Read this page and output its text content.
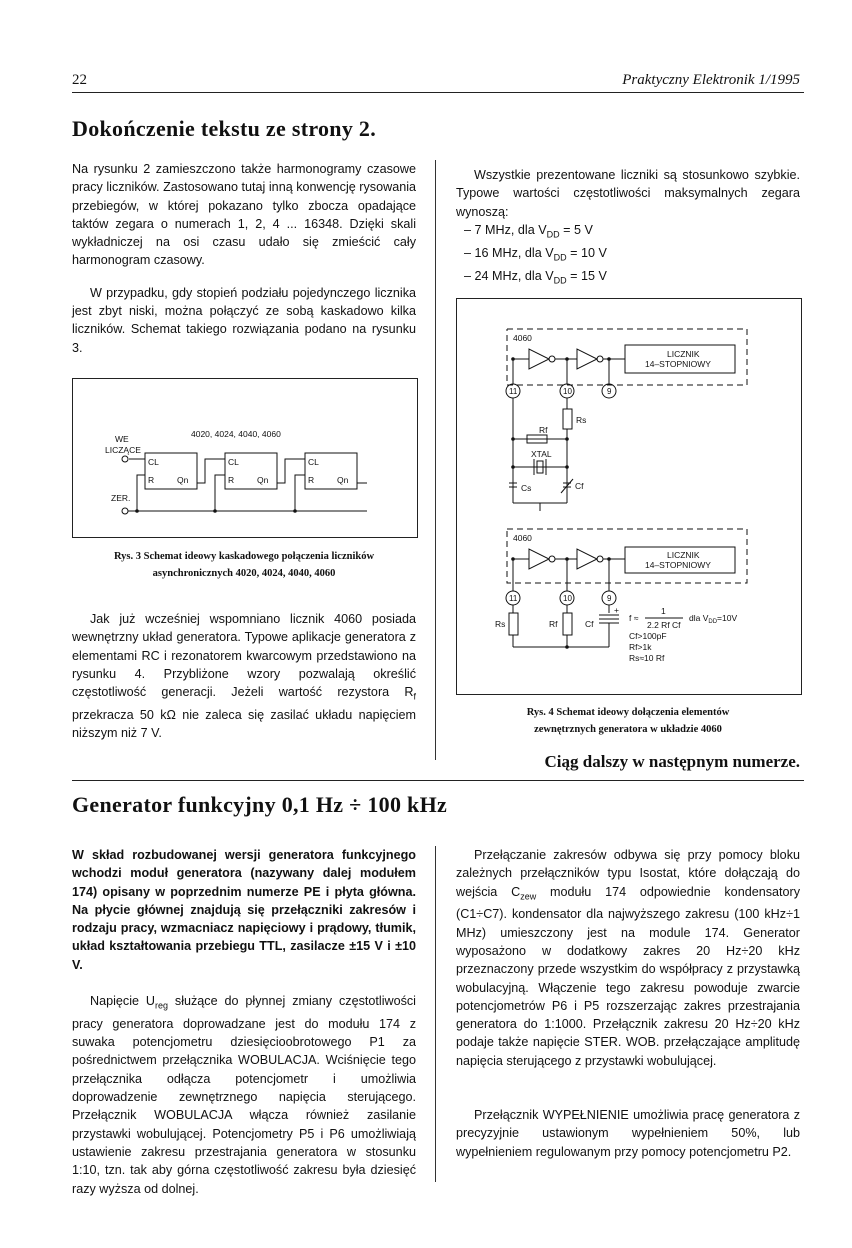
22	Praktyczny Elektronik 1/1995
Dokończenie tekstu ze strony 2.

Na rysunku 2 zamieszczono także harmonogramy czasowe pracy liczników. Zastosowano tutaj inną konwencję rysowania przebiegów, w której pokazano tylko zbocza opadające taktów zegara o numerach 1, 2, 4 ... 16348. Dzięki skali wykładniczej na osi czasu udało się zmieścić cały harmonogram czasowy.

W przypadku, gdy stopień podziału pojedynczego licznika jest zbyt niski, można połączyć ze sobą kaskadowo kilka liczników. Schemat takiego rozwiązania podano na rysunku 3.

4020, 4024, 4040, 4060
WE
LICZĄCE
ZER.
CL
R	Qn
CL
R	Qn
CL
R	Qn
Rys. 3 Schemat ideowy kaskadowego połączenia liczników
asynchronicznych 4020, 4024, 4040, 4060

Jak już wcześniej wspomniano licznik 4060 posiada wewnętrzny układ generatora. Typowe aplikacje generatora z elementami RC i rezonatorem kwarcowym przedstawiono na rysunku 4. Przybliżone wzory pozwalają określić częstotliwość generacji. Jeżeli wartość rezystora $R_f$ przekracza 50 kΩ nie zaleca się zasilać układu napięciem niższym niż 7 V.

Wszystkie prezentowane liczniki są stosunkowo szybkie. Typowe wartości częstotliwości maksymalnych zegara wynoszą:

– 7 MHz, dla $V_{DD} = 5$ V
– 16 MHz, dla $V_{DD} = 10$ V
– 24 MHz, dla $V_{DD} = 15$ V
4060
LICZNIK
14–STOPNIOWY
11	10	9
Rs
Rf
XTAL
Cs	Cf
4060
LICZNIK
14–STOPNIOWY
11	10	9
Rs	Rf	Cf
+
f ≈
1
2.2 Rf Cf
dla $V_{DD}=10V$
Cf>100pF
Rf>1k
Rs≈10 Rf
Rys. 4 Schemat ideowy dołączenia elementów
zewnętrznych generatora w układzie 4060
Ciąg dalszy w następnym numerze.
Generator funkcyjny 0,1 Hz ÷ 100 kHz

W skład rozbudowanej wersji generatora funkcyjnego wchodzi moduł generatora (nazywany dalej modułem 174) opisany w poprzednim numerze PE i płyta główna. Na płycie głównej znajdują się przełączniki zakresów i rodzaju pracy, wzmacniacz napięciowy i prądowy, tłumik, układ kształtowania przebiegu TTL, zasilacze ±15 V i ±10 V.

Napięcie $U_{reg}$ służące do płynnej zmiany częstotliwości pracy generatora doprowadzane jest do modułu 174 z suwaka potencjometru dziesięcioobrotowego P1 za pośrednictwem przełącznika WOBULACJA. Wciśnięcie tego przełącznika odłącza potencjometr i umożliwia doprowadzenie zewnętrznego napięcia sterującego. Przełącznik WOBULACJA włącza również zasilanie przystawki wobulującej. Potencjometry P5 i P6 umożliwiają ustawienie zakresu przestrajania generatora w stosunku 1:10, tzn. tak aby górna częstotliwość zakresu była dziesięć razy wyższa od dolnej.

Przełączanie zakresów odbywa się przy pomocy bloku zależnych przełączników typu Isostat, które dołączają do wejścia $C_{zew}$ modułu 174 odpowiednie kondensatory (C1÷C7). kondensator dla najwyższego zakresu (100 kHz÷1 MHz) umieszczony jest na module 174. Generator wyposażono w dodatkowy zakres 20 Hz÷20 kHz przeznaczony przede wszystkim do współpracy z przystawką wobulacyjną. Włączenie tego zakresu powoduje zwarcie potencjometrów P6 i P5 rozszerzając zakres przestrajania generatora do 1:1000. Przełącznik zakresu 20 Hz÷20 kHz podaje także napięcie STER. WOB. przełączające amplitudę napięcia sterującego z przystawki wobulującej.

Przełącznik WYPEŁNIENIE umożliwia pracę generatora z precyzyjnie ustawionym wypełnieniem 50%, lub wypełnieniem regulowanym przy pomocy potencjometru P2.
